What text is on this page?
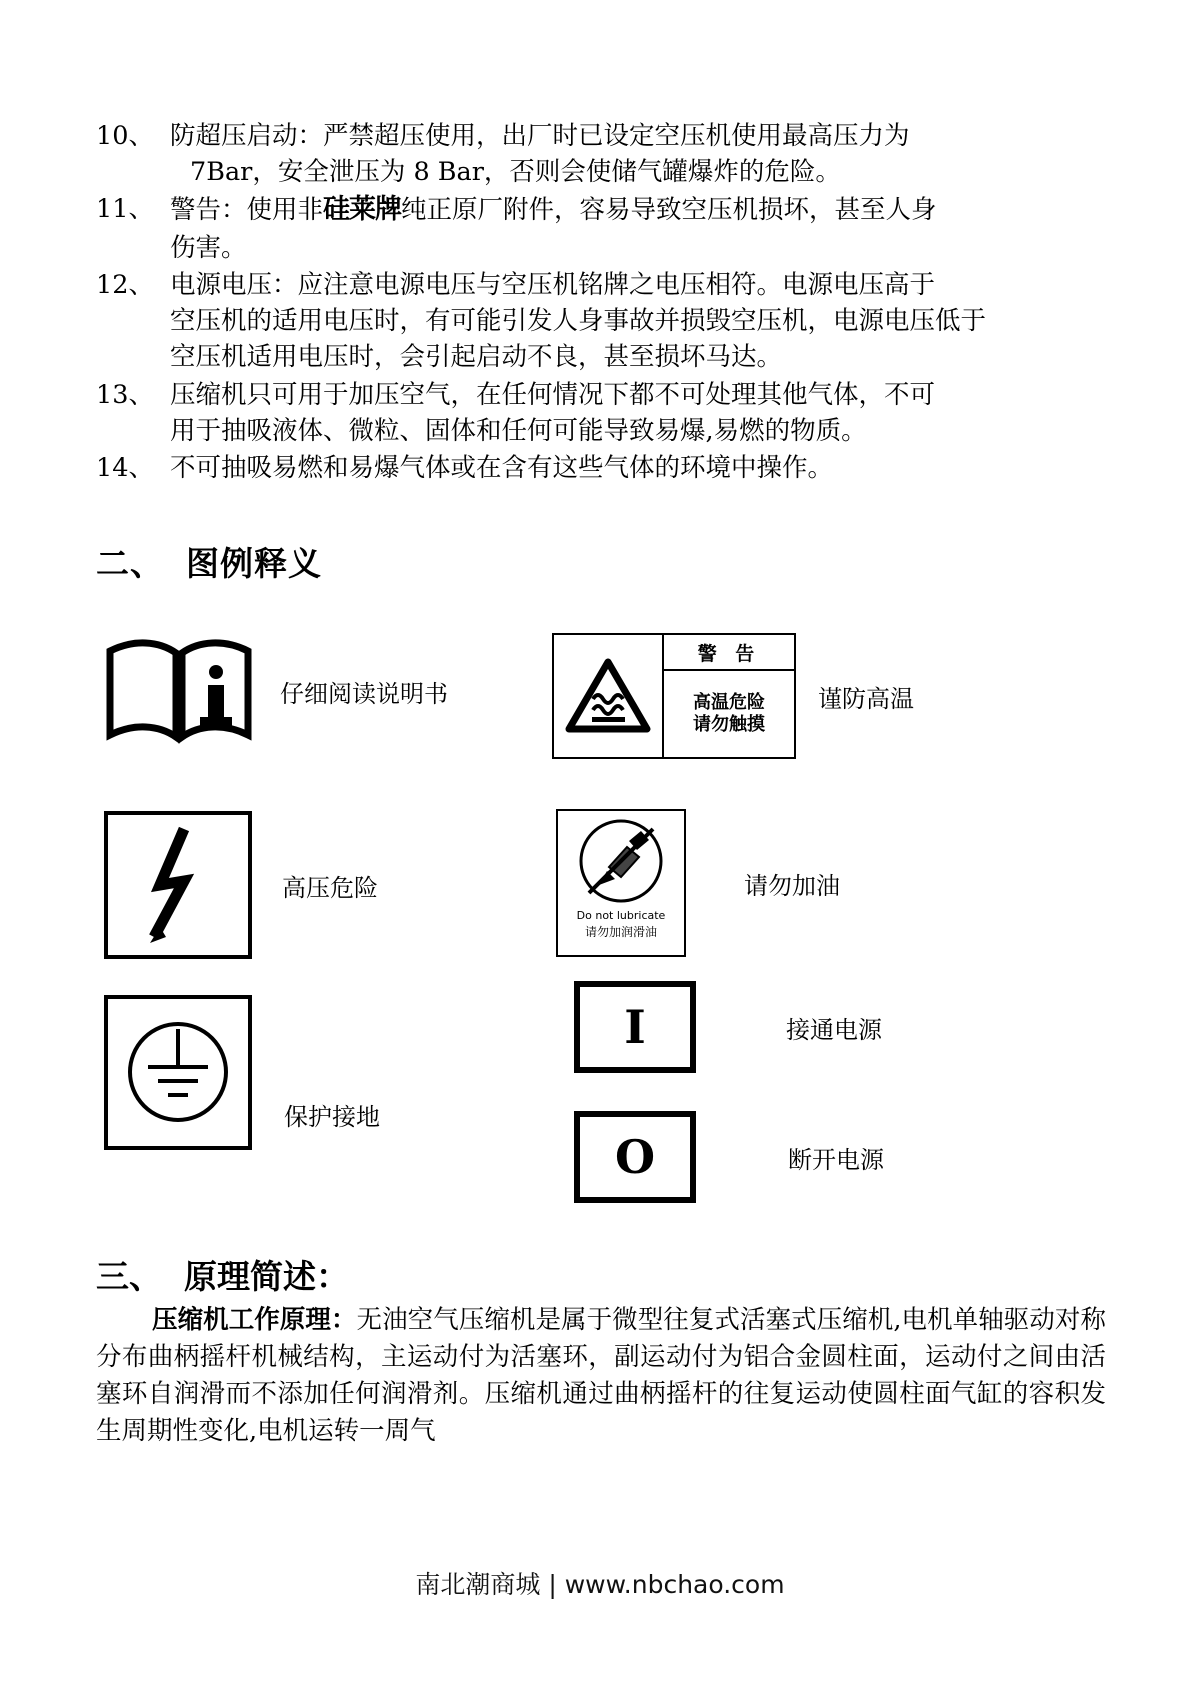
10、 防超压启动：严禁超压使用，出厂时已设定空压机使用最高压力为

7Bar，安全泄压为 8 Bar，否则会使储气罐爆炸的危险。

11、 警告：使用非硅莱牌纯正原厂附件，容易导致空压机损坏，甚至人身

伤害。

12、 电源电压：应注意电源电压与空压机铭牌之电压相符。电源电压高于

空压机的适用电压时，有可能引发人身事故并损毁空压机，电源电压低于

空压机适用电压时，会引起启动不良，甚至损坏马达。

13、 压缩机只可用于加压空气，在任何情况下都不可处理其他气体，不可

用于抽吸液体、微粒、固体和任何可能导致易爆,易燃的物质。

14、 不可抽吸易燃和易爆气体或在含有这些气体的环境中操作。

二、 图例释义
仔细阅读说明书
警 告
高温危险
请勿触摸
谨防高温
高压危险
Do not lubricate
请勿加润滑油
请勿加油
保护接地
I	接通电源
O	断开电源
三、 原理简述：

压缩机工作原理：无油空气压缩机是属于微型往复式活塞式压缩机,电机单轴驱动对称分布曲柄摇杆机械结构，主运动付为活塞环，副运动付为铝合金圆柱面，运动付之间由活塞环自润滑而不添加任何润滑剂。压缩机通过曲柄摇杆的往复运动使圆柱面气缸的容积发生周期性变化,电机运转一周气

南北潮商城 | www.nbchao.com
